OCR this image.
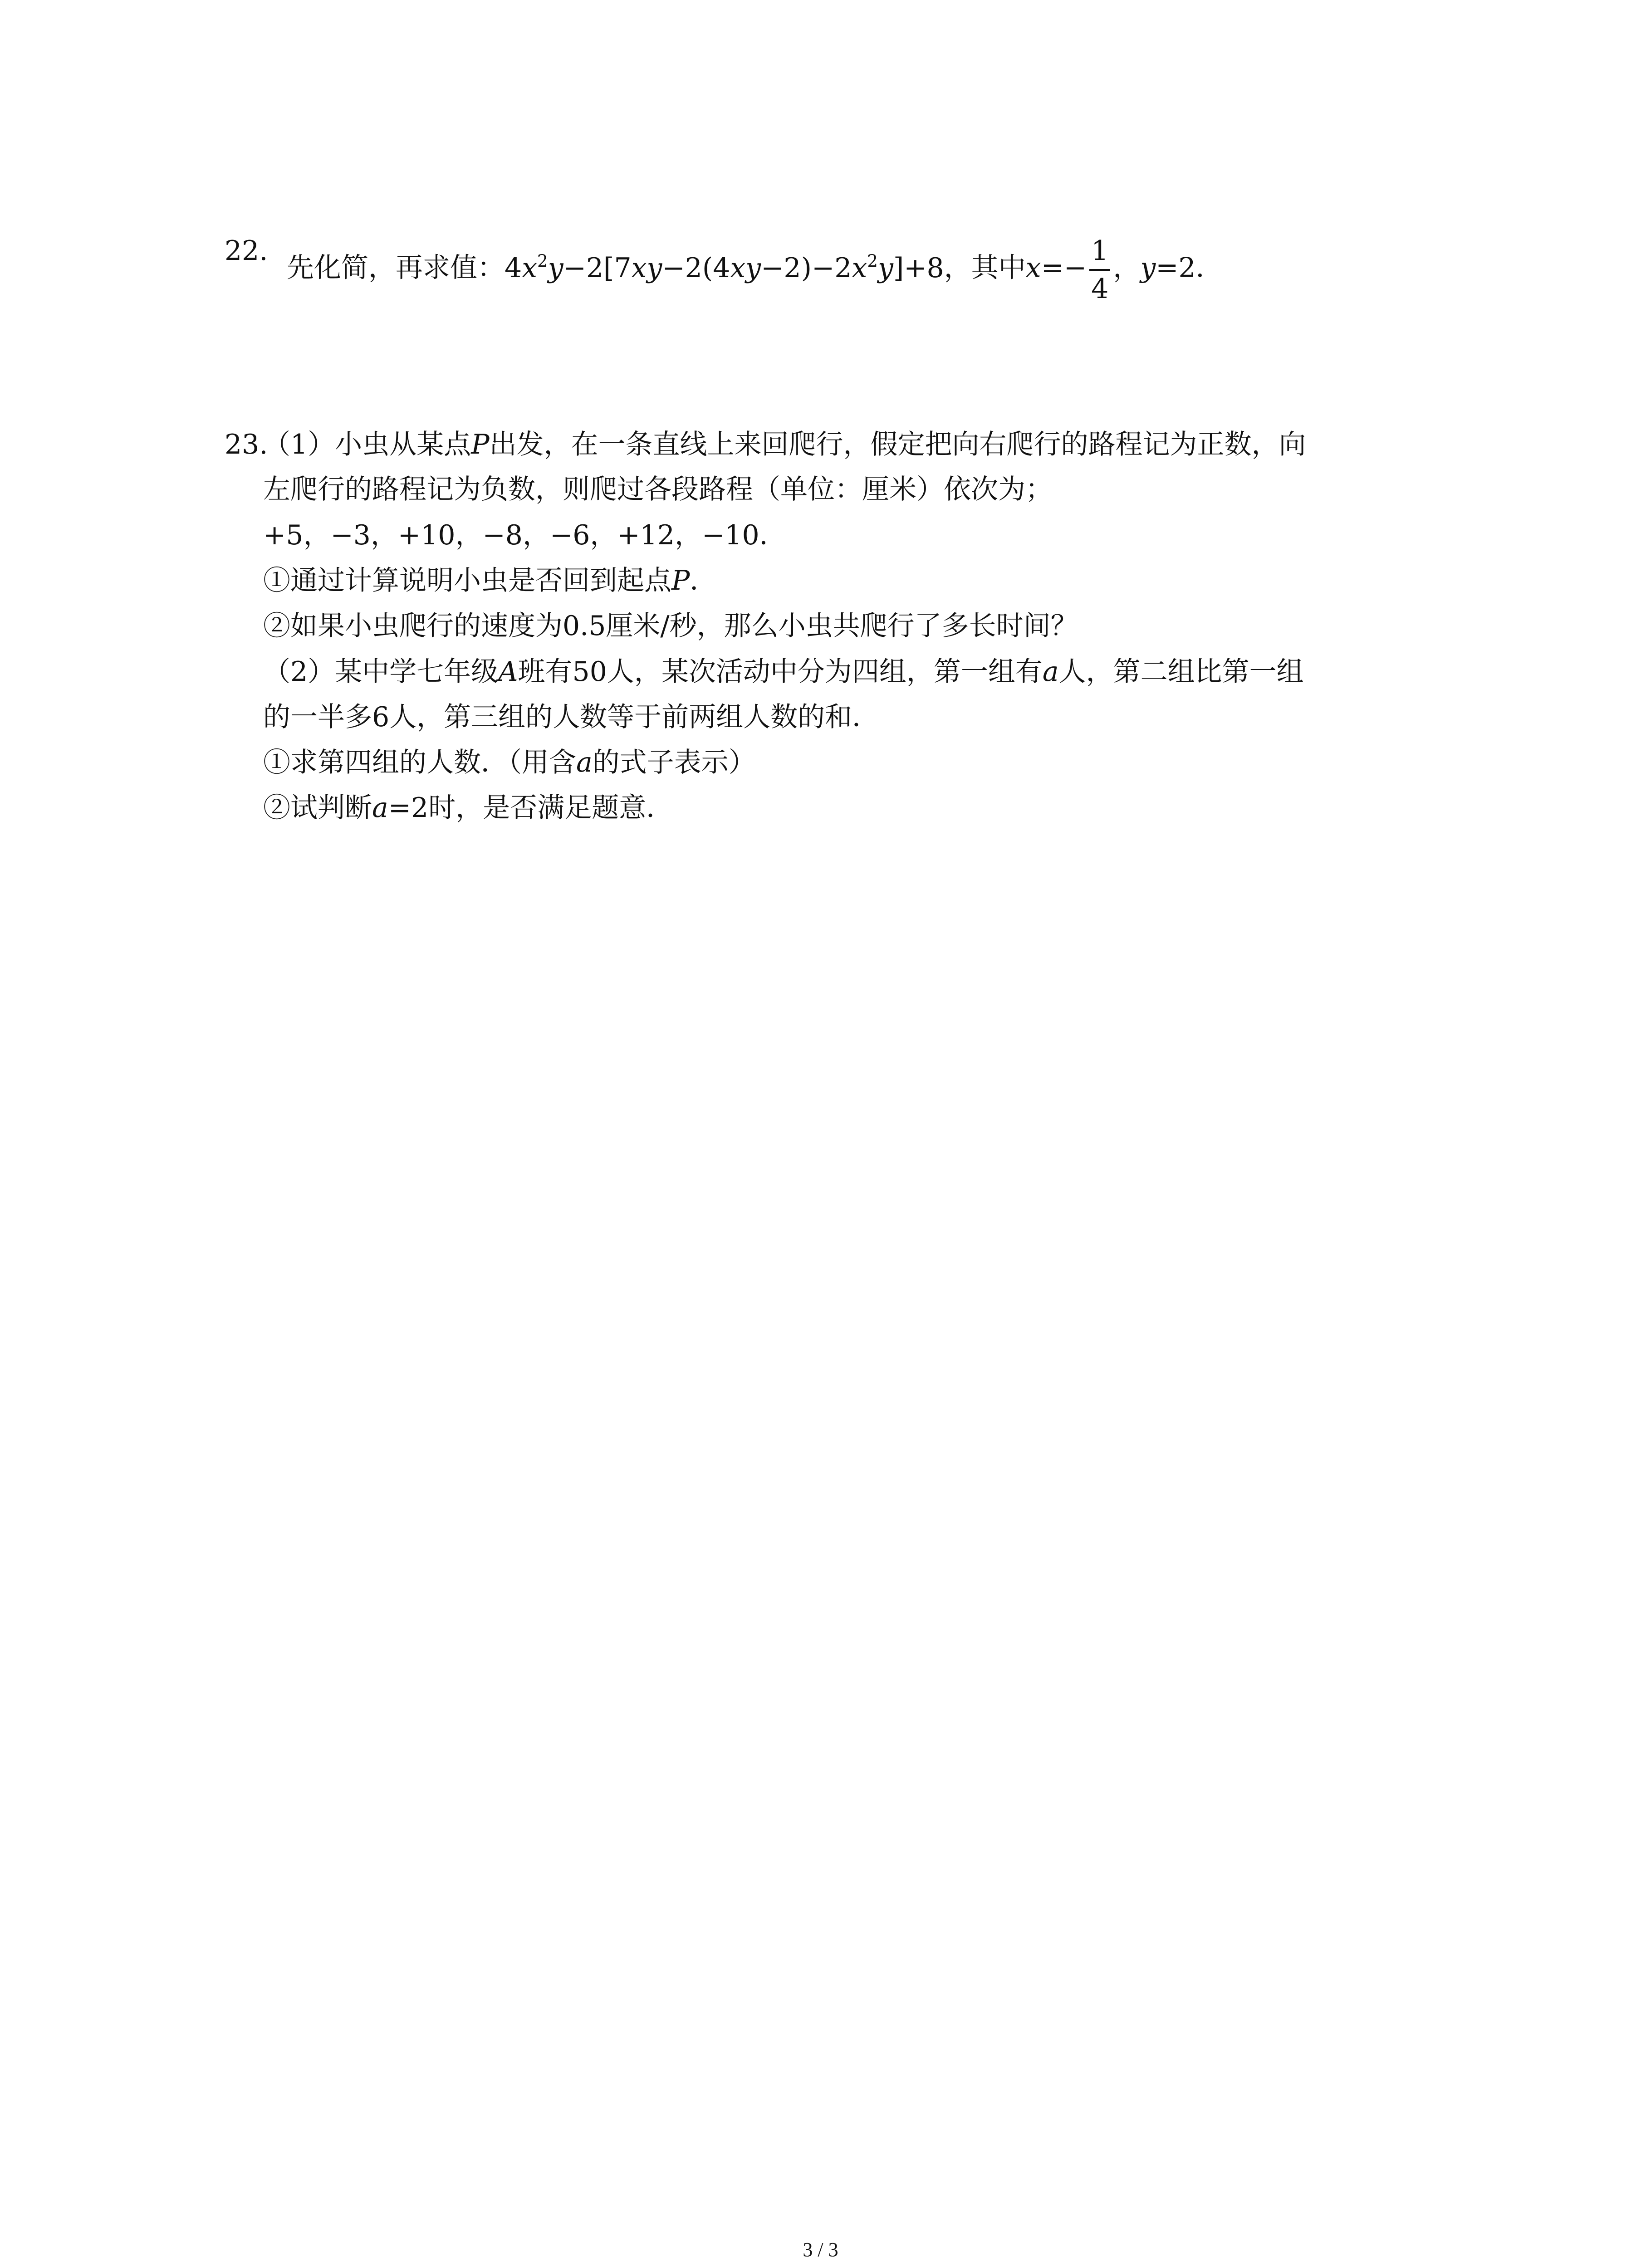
22.
先化简，再求值：$4x^2y-2[7xy-2(4xy-2)-2x^2y]+8$，其中$x=- \frac{1}{4}$ ，y=2．
23.
（1）小虫从某点P出发，在一条直线上来回爬行，假定把向右爬行的路程记为正数，向
左爬行的路程记为负数，则爬过各段路程（单位：厘米）依次为；
+5，−3，+10，−8，−6，+12，−10．
①通过计算说明小虫是否回到起点P．
②如果小虫爬行的速度为0.5厘米/秒，那么小虫共爬行了多长时间？
（2）某中学七年级A班有50人，某次活动中分为四组，第一组有a人，第二组比第一组
的一半多6人，第三组的人数等于前两组人数的和．
①求第四组的人数．（用含a的式子表示）
②试判断a=2时，是否满足题意．
3 / 3
